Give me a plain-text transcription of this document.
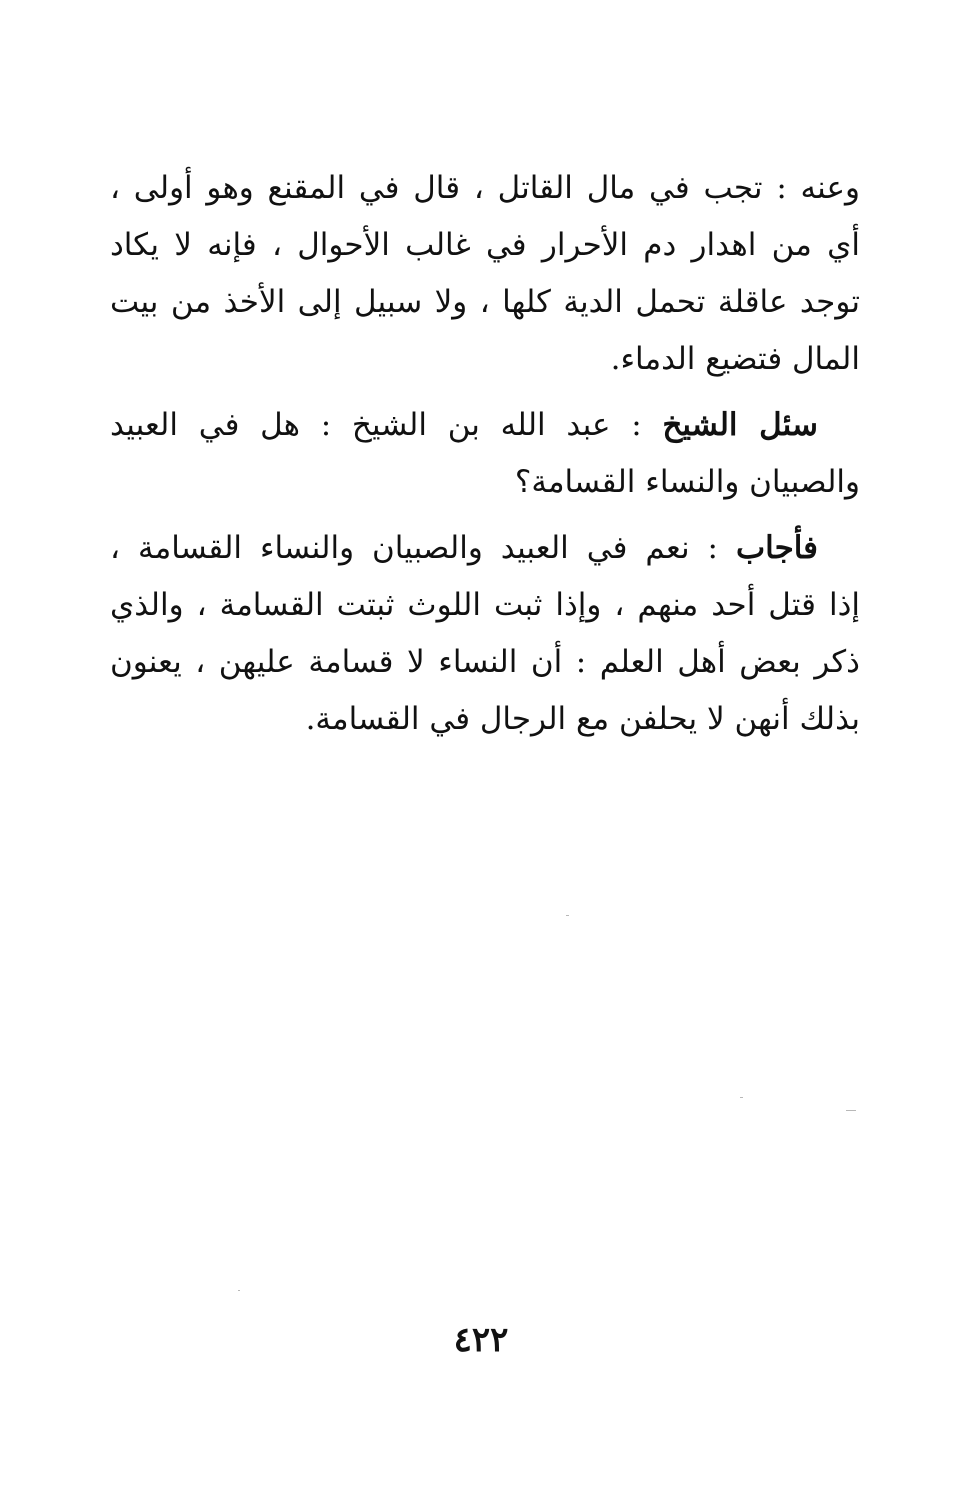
وعنه : تجب في مال القاتل ، قال في المقنع وهو أولى ،
أي من اهدار دم الأحرار في غالب الأحوال ، فإنه لا يكاد
توجد عاقلة تحمل الدية كلها ، ولا سبيل إلى الأخذ من بيت
المال فتضيع الدماء.

سئل الشيخ : عبد الله بن الشيخ : هل في العبيد
والصبيان والنساء القسامة؟

فأجاب : نعم في العبيد والصبيان والنساء القسامة ،
إذا قتل أحد منهم ، وإذا ثبت اللوث ثبتت القسامة ، والذي
ذكر بعض أهل العلم : أن النساء لا قسامة عليهن ، يعنون
بذلك أنهن لا يحلفن مع الرجال في القسامة.

٤٢٢
